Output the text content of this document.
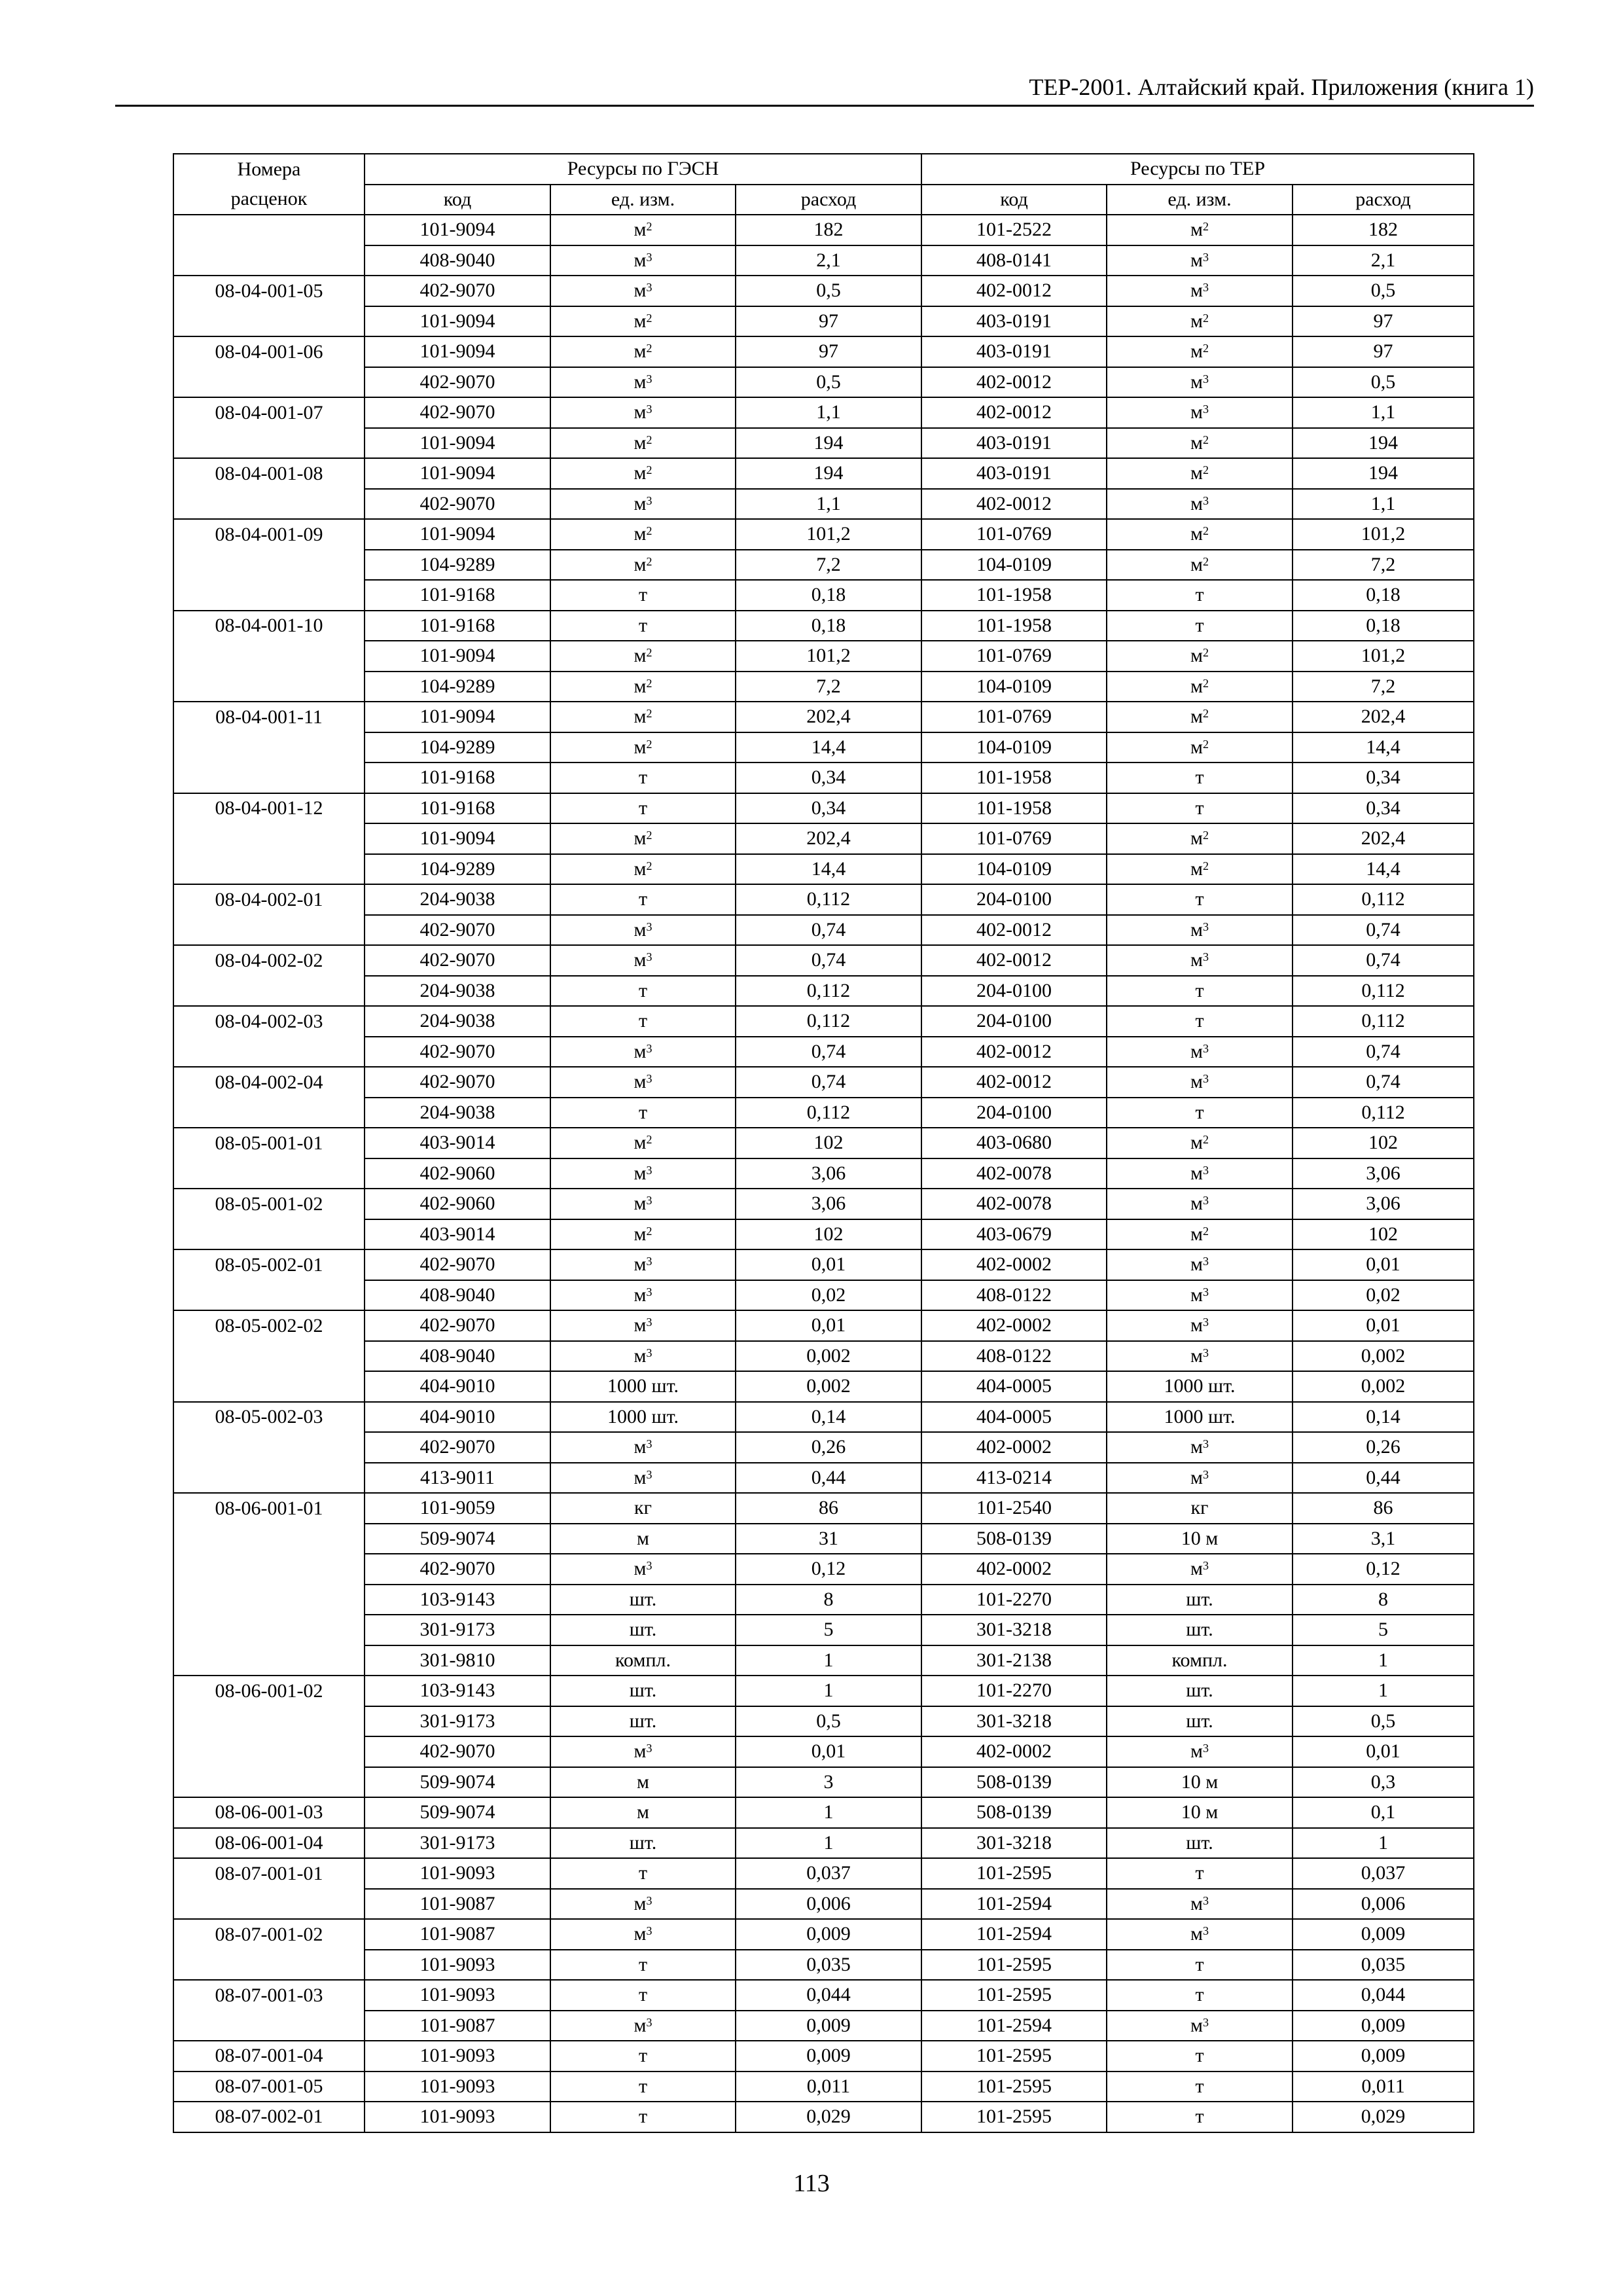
ТЕР-2001. Алтайский край. Приложения (книга 1)
Номера	Ресурсы по ГЭСН			Ресурсы по ТЕР		
расценок	код	ед. изм.	расход	код	ед. изм.	расход
	101-9094	$м^2$	182	101-2522	$м^2$	182
	408-9040	$м^3$	2,1	408-0141	$м^3$	2,1
08-04-001-05	402-9070	$м^3$	0,5	402-0012	$м^3$	0,5
	101-9094	$м^2$	97	403-0191	$м^2$	97
08-04-001-06	101-9094	$м^2$	97	403-0191	$м^2$	97
	402-9070	$м^3$	0,5	402-0012	$м^3$	0,5
08-04-001-07	402-9070	$м^3$	1,1	402-0012	$м^3$	1,1
	101-9094	$м^2$	194	403-0191	$м^2$	194
08-04-001-08	101-9094	$м^2$	194	403-0191	$м^2$	194
	402-9070	$м^3$	1,1	402-0012	$м^3$	1,1
08-04-001-09	101-9094	$м^2$	101,2	101-0769	$м^2$	101,2
	104-9289	$м^2$	7,2	104-0109	$м^2$	7,2
	101-9168	т	0,18	101-1958	т	0,18
08-04-001-10	101-9168	т	0,18	101-1958	т	0,18
	101-9094	$м^2$	101,2	101-0769	$м^2$	101,2
	104-9289	$м^2$	7,2	104-0109	$м^2$	7,2
08-04-001-11	101-9094	$м^2$	202,4	101-0769	$м^2$	202,4
	104-9289	$м^2$	14,4	104-0109	$м^2$	14,4
	101-9168	т	0,34	101-1958	т	0,34
08-04-001-12	101-9168	т	0,34	101-1958	т	0,34
	101-9094	$м^2$	202,4	101-0769	$м^2$	202,4
	104-9289	$м^2$	14,4	104-0109	$м^2$	14,4
08-04-002-01	204-9038	т	0,112	204-0100	т	0,112
	402-9070	$м^3$	0,74	402-0012	$м^3$	0,74
08-04-002-02	402-9070	$м^3$	0,74	402-0012	$м^3$	0,74
	204-9038	т	0,112	204-0100	т	0,112
08-04-002-03	204-9038	т	0,112	204-0100	т	0,112
	402-9070	$м^3$	0,74	402-0012	$м^3$	0,74
08-04-002-04	402-9070	$м^3$	0,74	402-0012	$м^3$	0,74
	204-9038	т	0,112	204-0100	т	0,112
08-05-001-01	403-9014	$м^2$	102	403-0680	$м^2$	102
	402-9060	$м^3$	3,06	402-0078	$м^3$	3,06
08-05-001-02	402-9060	$м^3$	3,06	402-0078	$м^3$	3,06
	403-9014	$м^2$	102	403-0679	$м^2$	102
08-05-002-01	402-9070	$м^3$	0,01	402-0002	$м^3$	0,01
	408-9040	$м^3$	0,02	408-0122	$м^3$	0,02
08-05-002-02	402-9070	$м^3$	0,01	402-0002	$м^3$	0,01
	408-9040	$м^3$	0,002	408-0122	$м^3$	0,002
	404-9010	1000 шт.	0,002	404-0005	1000 шт.	0,002
08-05-002-03	404-9010	1000 шт.	0,14	404-0005	1000 шт.	0,14
	402-9070	$м^3$	0,26	402-0002	$м^3$	0,26
	413-9011	$м^3$	0,44	413-0214	$м^3$	0,44
08-06-001-01	101-9059	кг	86	101-2540	кг	86
	509-9074	м	31	508-0139	10 м	3,1
	402-9070	$м^3$	0,12	402-0002	$м^3$	0,12
	103-9143	шт.	8	101-2270	шт.	8
	301-9173	шт.	5	301-3218	шт.	5
	301-9810	компл.	1	301-2138	компл.	1
08-06-001-02	103-9143	шт.	1	101-2270	шт.	1
	301-9173	шт.	0,5	301-3218	шт.	0,5
	402-9070	$м^3$	0,01	402-0002	$м^3$	0,01
	509-9074	м	3	508-0139	10 м	0,3
08-06-001-03	509-9074	м	1	508-0139	10 м	0,1
08-06-001-04	301-9173	шт.	1	301-3218	шт.	1
08-07-001-01	101-9093	т	0,037	101-2595	т	0,037
	101-9087	$м^3$	0,006	101-2594	$м^3$	0,006
08-07-001-02	101-9087	$м^3$	0,009	101-2594	$м^3$	0,009
	101-9093	т	0,035	101-2595	т	0,035
08-07-001-03	101-9093	т	0,044	101-2595	т	0,044
	101-9087	$м^3$	0,009	101-2594	$м^3$	0,009
08-07-001-04	101-9093	т	0,009	101-2595	т	0,009
08-07-001-05	101-9093	т	0,011	101-2595	т	0,011
08-07-002-01	101-9093	т	0,029	101-2595	т	0,029
113
